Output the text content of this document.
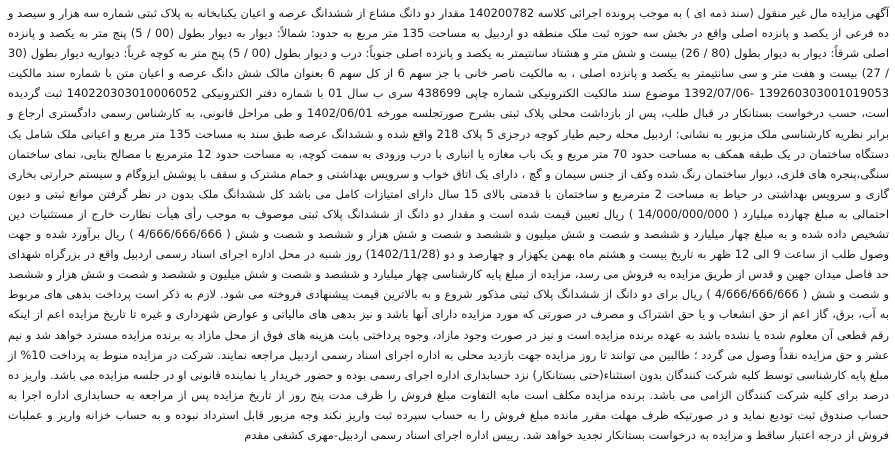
آگهی مزایده مال غیر منقول (سند ذمه ای ) به موجب پرونده اجرائی کلاسه 140200782 مقدار دو دانگ مشاع از ششدانگ عرصه و اعیان یکبابخانه به پلاک ثبتی شماره سه هزار و سیصد و ده فرعی از یکصد و پانزده اصلی واقع در بخش سه حوزه ثبت ملک منطقه دو اردبیل به مساحت 135 متر مربع به حدود: شمالاً: دیوار به دیوار بطول (00 / 5) پنج متر به یکصد و پانزده اصلی شرقاً: دیوار به دیوار بطول (80 / 26) بیست و شش متر و هشتاد سانتیمتر به یکصد و پانزده اصلی جنوباً: درب و دیوار بطول (00 / 5) پنج متر به کوچه غرباً: دیواریه دیوار بطول (30 / 27) بیست و هفت متر و سی سانتیمتر به یکصد و پانزده اصلی ، به مالکیت ناصر خانی با جز سهم 6 از کل سهم 6 بعنوان مالک شش دانگ عرصه و اعیان متن با شماره سند مالکیت 139260303001019053 -1392/07/06 موضوع سند مالکیت الکترونیکی شماره چاپی 438699 سری ب سال 01 با شماره دفتر الکترونیکی 140220303010006052 ثبت گردیده است، حسب درخواست بستانکار در قبال طلب، پس از بازداشت محلی پلاک ثبتی بشرح صورتجلسه مورخه 1402/06/01 و طی مراحل قانونی، به کارشناس رسمی دادگستری ارجاع و برابر نظریه کارشناسی ملک مزبور به نشانی: اردبیل محله رحیم طیار کوچه درجزی 5 پلاک 218 واقع شده و ششدانگ عرصه طبق سند به مساحت 135 متر مربع و اعیانی ملک شامل یک دستگاه ساختمان در یک طبقه همکف به مساحت حدود 70 متر مربع و یک باب مغازه یا انباری با درب ورودی به سمت کوچه، به مساحت حدود 12 مترمربع با مصالح بنایی، نمای ساختمان سنگی،پنجره های فلزی، دیوار ساختمان رنگ شده وکف از جنس سیمان و گچ ، دارای یک اتاق خواب و سرویس بهداشتی و حمام مشترک و سقف با پوشش ایزوگام و سیستم حرارتی بخاری گازی و سرویس بهداشتی در حیاط به مساحت 2 مترمربع و ساختمان با قدمتی بالای 15 سال دارای امتیازات کامل می باشد کل ششدانگ ملک بدون در نظر گرفتن موانع ثبتی و دیون احتمالی به مبلغ چهارده میلیارد ( 14/000/000/000 ) ریال تعیین قیمت شده است و مقدار دو دانگ از ششدانگ پلاک ثبتی موصوف به موجب رأی هیأت نظارت خارج از مستثنیات دین تشخیص داده شده و به مبلغ چهار میلیارد و ششصد و شصت و شش میلیون و ششصد و شصت و شش هزار و ششصد و شصت و شش ( 4/666/666/666 ) ریال برآورد شده و جهت وصول طلب از ساعت 9 الی 12 ظهر به تاریخ بیست و هشتم ماه بهمن یکهزار و چهارصد و دو (1402/11/28) روز شنبه در محل اداره اجرای اسناد رسمی اردبیل واقع در بزرگراه شهدای حد فاصل میدان جهین و قدس از طریق مزایده به فروش می رسد، مزایده از مبلغ پایه کارشناسی چهار میلیارد و ششصد و شصت و شش میلیون و ششصد و شصت و شش هزار و ششصد و شصت و شش ( 4/666/666/666 ) ریال برای دو دانگ از ششدانگ پلاک ثبتی مذکور شروع و به بالاترین قیمت پیشنهادی فروخته می شود. لازم به ذکر است پرداخت بدهی های مربوط به آب، برق، گاز اعم از حق انشعاب و یا حق اشتراک و مصرف در صورتی که مورد مزایده دارای آنها باشد و نیز بدهی های مالیاتی و عوارض شهرداری و غیره تا تاریخ مزایده اعم از اینکه رقم قطعی آن معلوم شده یا نشده باشد به عهده برنده مزایده است و نیز در صورت وجود مازاد، وجوه پرداختی بابت هزینه های فوق از محل مازاد به برنده مزایده مسترد خواهد شد و نیم عشر و حق مزایده نقداً وصول می گردد ؛ طالبین می توانند تا روز مزایده جهت بازدید محلی به اداره اجرای اسناد رسمی اردبیل مراجعه نمایند. شرکت در مزایده منوط به پرداخت 10% از مبلغ پایه کارشناسی توسط کلیه شرکت کنندگان بدون استثناء(حتی بستانکار) نزد حسابداری اداره اجرای رسمی بوده و حضور خریدار یا نماینده قانونی او در جلسه مزایده می باشد. واریز ده درصد برای کلیه شرکت کنندگان الزامی می باشد. برنده مزایده مکلف است مابه التفاوت مبلغ فروش را ظرف مدت پنج روز از تاریخ مزایده پس از مراجعه به حسابداری اداره اجرا به حساب صندوق ثبت تودیع نماید و در صورتیکه ظرف مهلت مقرر مانده مبلغ فروش را به حساب سپرده ثبت واریز نکند وجه مزبور قابل استرداد نبوده و به حساب خزانه واریز و عملیات فروش از درجه اعتبار ساقط و مزایده به درخواست بستانکار تجدید خواهد شد. رییس اداره اجرای اسناد رسمی اردبیل-مهری کشفی مقدم
